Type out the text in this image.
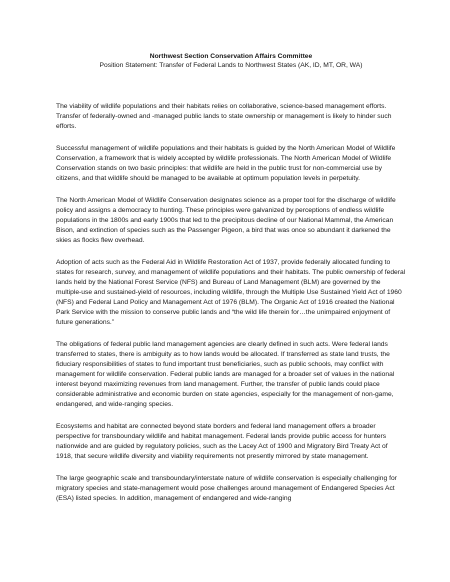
Northwest Section Conservation Affairs Committee

Position Statement: Transfer of Federal Lands to Northwest States (AK, ID, MT, OR, WA)

The viability of wildlife populations and their habitats relies on collaborative, science-based management efforts. Transfer of federally-owned and -managed public lands to state ownership or management is likely to hinder such efforts.

Successful management of wildlife populations and their habitats is guided by the North American Model of Wildlife Conservation, a framework that is widely accepted by wildlife professionals. The North American Model of Wildlife Conservation stands on two basic principles: that wildlife are held in the public trust for non-commercial use by citizens, and that wildlife should be managed to be available at optimum population levels in perpetuity.

The North American Model of Wildlife Conservation designates science as a proper tool for the discharge of wildlife policy and assigns a democracy to hunting. These principles were galvanized by perceptions of endless wildlife populations in the 1800s and early 1900s that led to the precipitous decline of our National Mammal, the American Bison, and extinction of species such as the Passenger Pigeon, a bird that was once so abundant it darkened the skies as flocks flew overhead.

Adoption of acts such as the Federal Aid in Wildlife Restoration Act of 1937, provide federally allocated funding to states for research, survey, and management of wildlife populations and their habitats. The public ownership of federal lands held by the National Forest Service (NFS) and Bureau of Land Management (BLM) are governed by the multiple-use and sustained-yield of resources, including wildlife, through the Multiple Use Sustained Yield Act of 1960 (NFS) and Federal Land Policy and Management Act of 1976 (BLM). The Organic Act of 1916 created the National Park Service with the mission to conserve public lands and “the wild life therein for…the unimpaired enjoyment of future generations.”

The obligations of federal public land management agencies are clearly defined in such acts. Were federal lands transferred to states, there is ambiguity as to how lands would be allocated. If transferred as state land trusts, the fiduciary responsibilities of states to fund important trust beneficiaries, such as public schools, may conflict with management for wildlife conservation. Federal public lands are managed for a broader set of values in the national interest beyond maximizing revenues from land management. Further, the transfer of public lands could place considerable administrative and economic burden on state agencies, especially for the management of non-game, endangered, and wide-ranging species.

Ecosystems and habitat are connected beyond state borders and federal land management offers a broader perspective for transboundary wildlife and habitat management. Federal lands provide public access for hunters nationwide and are guided by regulatory policies, such as the Lacey Act of 1900 and Migratory Bird Treaty Act of 1918, that secure wildlife diversity and viability requirements not presently mirrored by state management.

The large geographic scale and transboundary/interstate nature of wildlife conservation is especially challenging for migratory species and state-management would pose challenges around management of Endangered Species Act (ESA) listed species. In addition, management of endangered and wide-ranging
